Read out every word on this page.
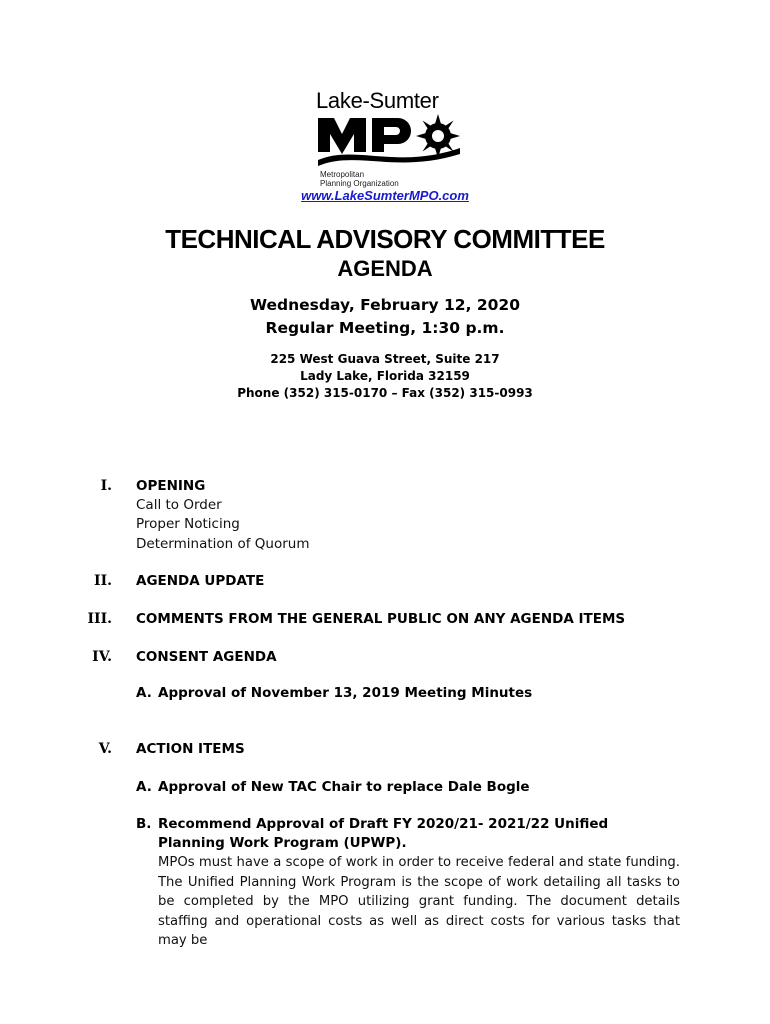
Lake-Sumter
Metropolitan
Planning Organization
www.LakeSumterMPO.com
TECHNICAL ADVISORY COMMITTEE
AGENDA
Wednesday, February 12, 2020
Regular Meeting, 1:30 p.m.
225 West Guava Street, Suite 217
Lady Lake, Florida 32159
Phone (352) 315-0170 – Fax (352) 315-0993
I. OPENING
Call to Order
Proper Noticing
Determination of Quorum
II. AGENDA UPDATE
III. COMMENTS FROM THE GENERAL PUBLIC ON ANY AGENDA ITEMS
IV. CONSENT AGENDA
A. Approval of November 13, 2019 Meeting Minutes
V. ACTION ITEMS
A. Approval of New TAC Chair to replace Dale Bogle
B. Recommend Approval of Draft FY 2020/21- 2021/22 Unified
Planning Work Program (UPWP).
MPOs must have a scope of work in order to receive federal and state funding. The Unified Planning Work Program is the scope of work detailing all tasks to be completed by the MPO utilizing grant funding. The document details staffing and operational costs as well as direct costs for various tasks that may be
